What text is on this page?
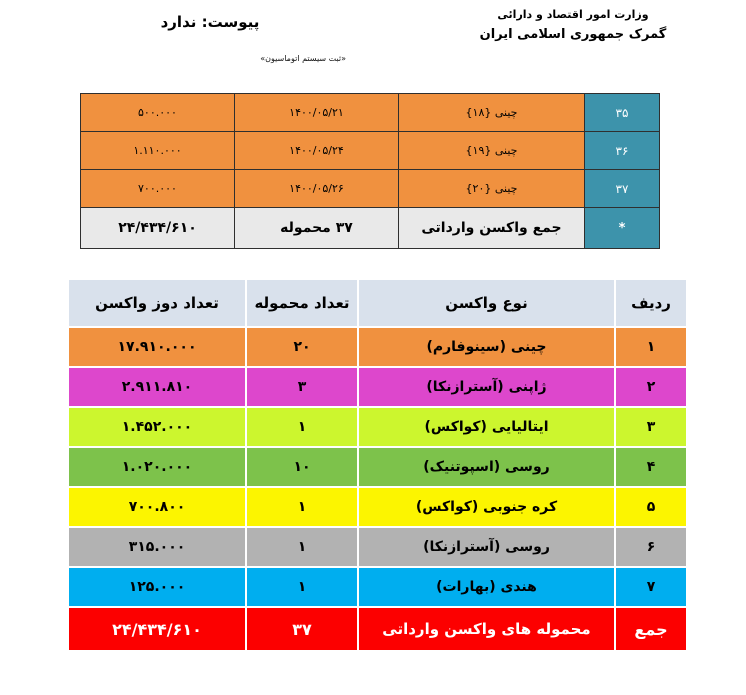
وزارت امور اقتصاد و دارائی
گمرک جمهوری اسلامی ایران
پیوست: ندارد
«ثبت سیستم اتوماسیون»
۳۵	چینی {۱۸}	۱۴۰۰/۰۵/۲۱	۵۰۰.۰۰۰
۳۶	چینی {۱۹}	۱۴۰۰/۰۵/۲۴	۱.۱۱۰.۰۰۰
۳۷	چینی {۲۰}	۱۴۰۰/۰۵/۲۶	۷۰۰.۰۰۰
*	جمع واکسن وارداتی	۳۷ محموله	۲۴/۴۳۴/۶۱۰
ردیف	نوع واکسن	تعداد محموله	تعداد دوز واکسن
۱	چینی (سینوفارم)	۲۰	۱۷.۹۱۰.۰۰۰
۲	ژاپنی (آسترازنکا)	۳	۲.۹۱۱.۸۱۰
۳	ایتالیایی (کواکس)	۱	۱.۴۵۲.۰۰۰
۴	روسی (اسپوتنیک)	۱۰	۱.۰۲۰.۰۰۰
۵	کره جنوبی (کواکس)	۱	۷۰۰.۸۰۰
۶	روسی (آسترازنکا)	۱	۳۱۵.۰۰۰
۷	هندی (بهارات)	۱	۱۲۵.۰۰۰
جمع	محموله های واکسن وارداتی	۳۷	۲۴/۴۳۴/۶۱۰
